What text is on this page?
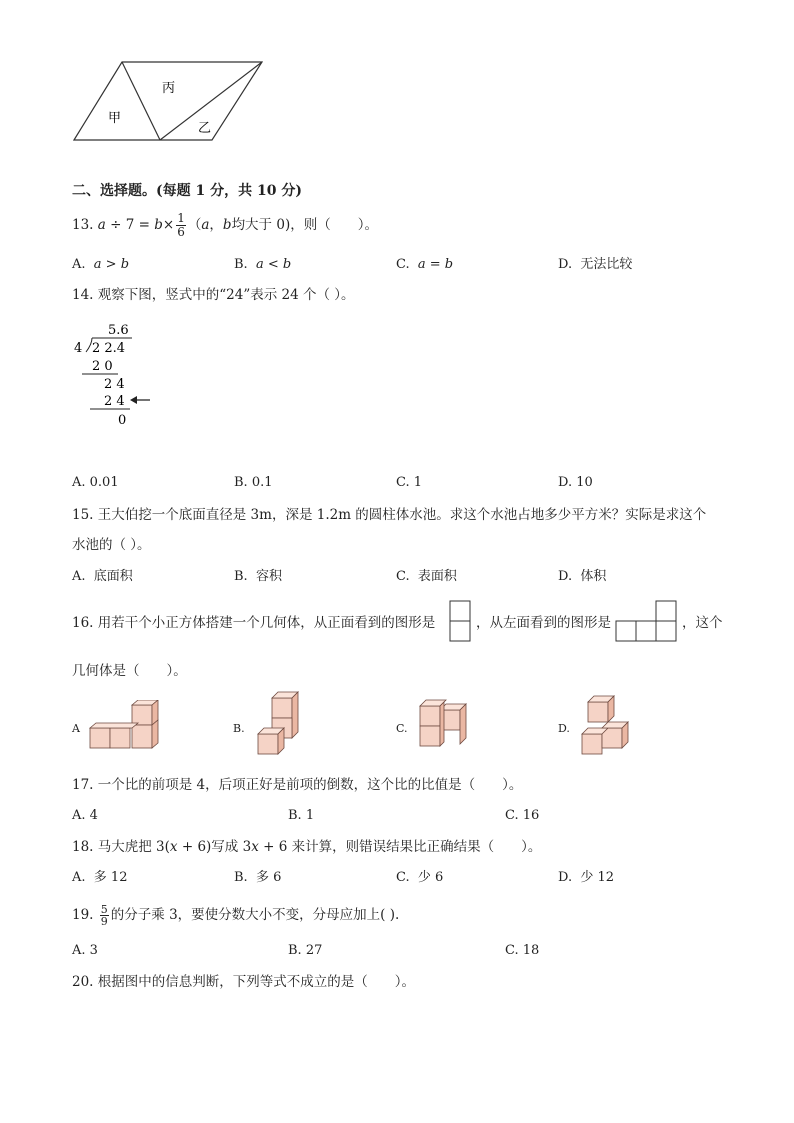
甲
丙
乙
二、选择题。(每题 1 分，共 10 分)
13. $a \div 7 = b\times \frac{1}{6} (a$，b均大于 0)，则（　　）。
A. a > b	B. a < b	C. a = b	D. 无法比较
14. 观察下图，竖式中的“24”表示 24 个（ ）。
5.6
4 2 2.4
2 0
2 4
2 4
0
A. 0.01	B. 0.1	C. 1	D. 10
15. 王大伯挖一个底面直径是 3m，深是 1.2m 的圆柱体水池。求这个水池占地多少平方米？实际是求这个
水池的（ ）。
A. 底面积	B. 容积	C. 表面积	D. 体积
16. 用若干个小正方体搭建一个几何体，从正面看到的图形是	，从左面看到的图形是	，这个
几何体是（　　）。
A	B.	C.	D.
17. 一个比的前项是 4，后项正好是前项的倒数，这个比的比值是（　　）。
A. 4	B. 1	C. 16
18. 马大虎把 3(x + 6)写成 3x + 6 来计算，则错误结果比正确结果（　　）。
A. 多 12	B. 多 6	C. 少 6	D. 少 12
19. $\frac{5}{9}$ 的分子乘 3，要使分数大小不变，分母应加上( ).
A. 3	B. 27	C. 18
20. 根据图中的信息判断，下列等式不成立的是（　　）。
